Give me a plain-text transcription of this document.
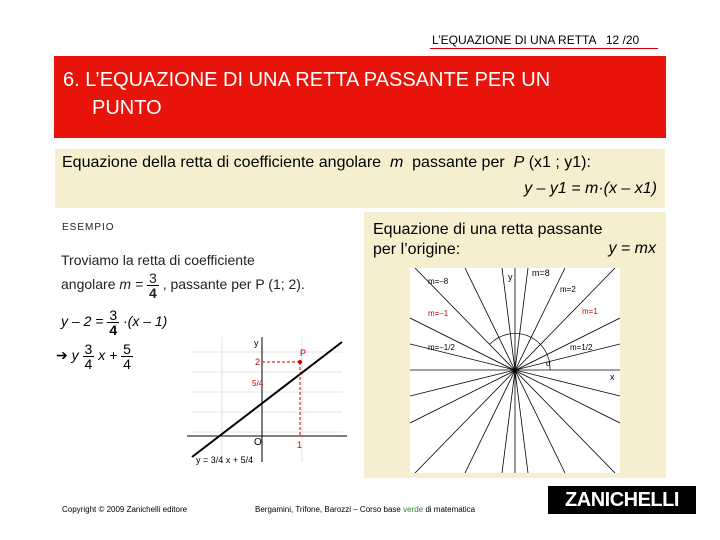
L’EQUAZIONE DI UNA RETTA 12 /20
6. L’EQUAZIONE DI UNA RETTA PASSANTE PER UN
PUNTO
Equazione della retta di coefficiente angolare m passante per P (x1 ; y1):
y – y1 = m·(x – x1)
ESEMPIO
Troviamo la retta di coefficiente
angolare $m = \frac{3}{4}$ , passante per P (1; 2).
$y - 2 = \frac{3}{4} \cdot(x - 1)$
➔ y $\frac{3}{4}$ $x + \frac{5}{4}$	P
y
O	1
2
5/4
y = 3/4 x + 5/4
Equazione di una retta passante
per l’origine:	y = mx
m=8
m=–8
m=2
m=1
m=–1
m=–1/2	m=1/2
α
y
x
Copyright © 2009 Zanichelli editore	Bergamini, Trifone, Barozzi – Corso base verde di matematica	ZANICHELLI
